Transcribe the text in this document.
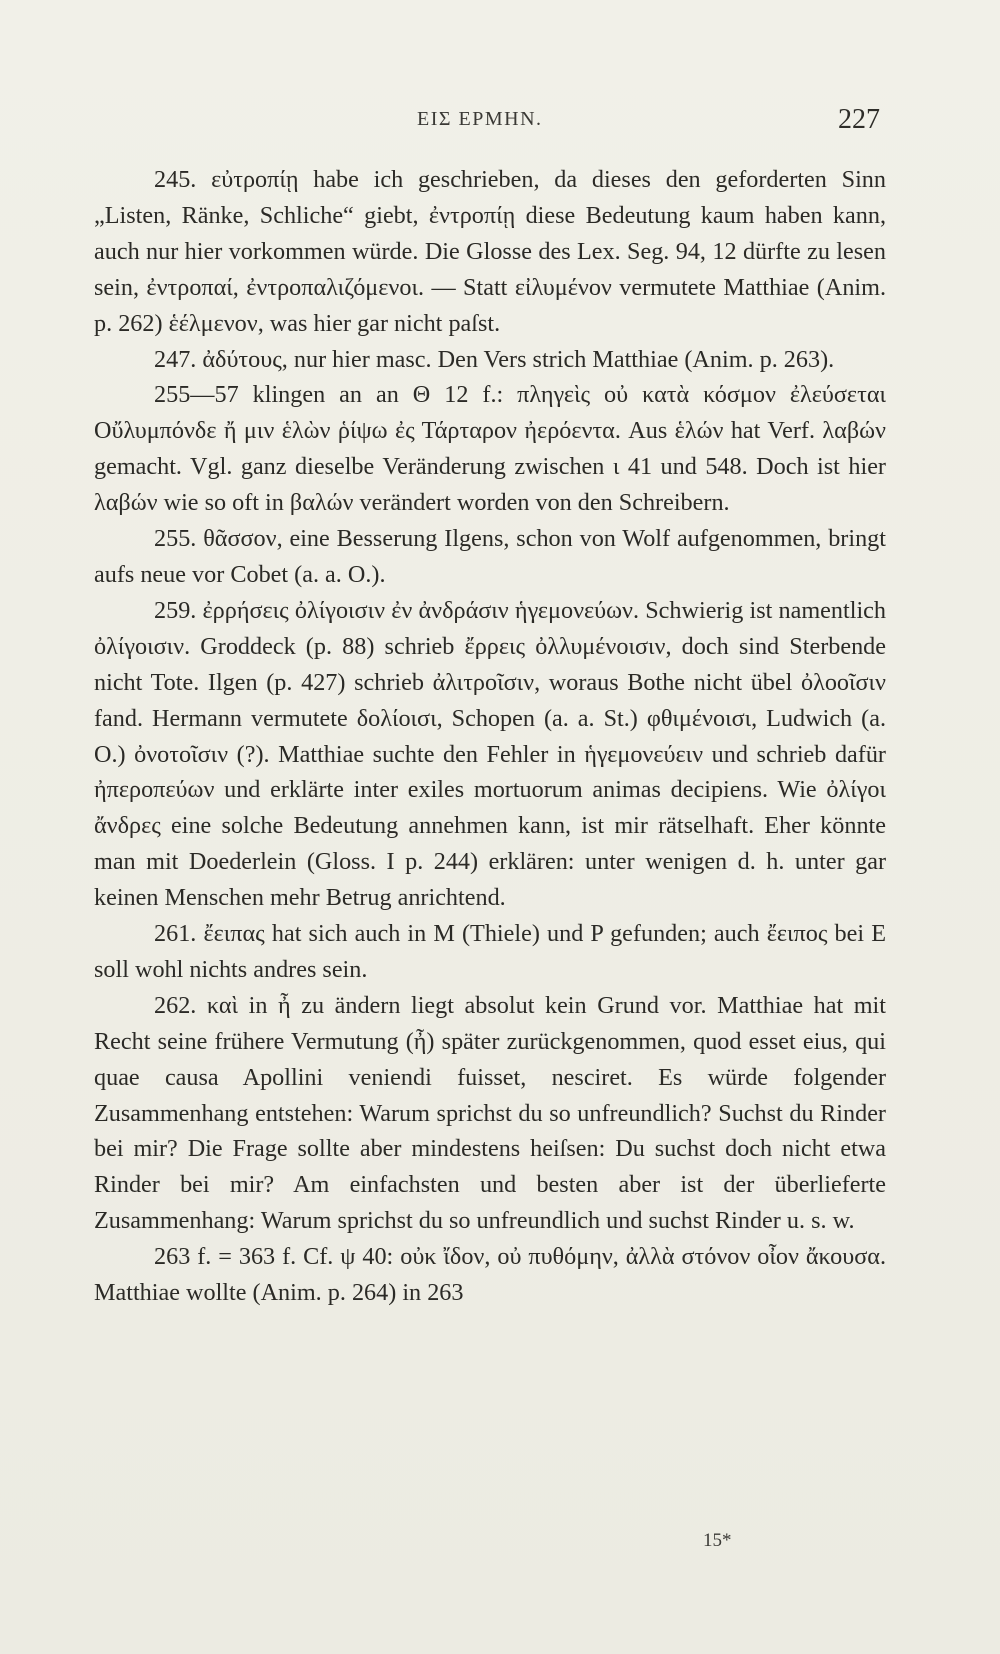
ΕΙΣ ΕΡΜΗΝ.	227

245. εὐτροπίῃ habe ich geschrieben, da dieses den geforderten Sinn „Listen, Ränke, Schliche“ giebt, ἐντροπίῃ diese Bedeutung kaum haben kann, auch nur hier vorkommen würde. Die Glosse des Lex. Seg. 94, 12 dürfte zu lesen sein, ἐντροπαί, ἐντροπαλιζόμενοι. — Statt εἰλυμένον vermutete Matthiae (Anim. p. 262) ἑέλμενον, was hier gar nicht paſst.

247. ἀδύτους, nur hier masc. Den Vers strich Matthiae (Anim. p. 263).

255—57 klingen an an Θ 12 f.: πληγεὶς οὐ κατὰ κόσμον ἐλεύσεται Οὔλυμπόνδε ἤ μιν ἑλὼν ῥίψω ἐς Τάρταρον ἠερόεντα. Aus ἑλών hat Verf. λαβών gemacht. Vgl. ganz dieselbe Veränderung zwischen ι 41 und 548. Doch ist hier λαβών wie so oft in βαλών verändert worden von den Schreibern.

255. θᾶσσον, eine Besserung Ilgens, schon von Wolf aufgenommen, bringt aufs neue vor Cobet (a. a. O.).

259. ἐρρήσεις ὀλίγοισιν ἐν ἀνδράσιν ἡγεμονεύων. Schwierig ist namentlich ὀλίγοισιν. Groddeck (p. 88) schrieb ἔρρεις ὀλλυμένοισιν, doch sind Sterbende nicht Tote. Ilgen (p. 427) schrieb ἀλιτροῖσιν, woraus Bothe nicht übel ὀλοοῖσιν fand. Hermann vermutete δολίοισι, Schopen (a. a. St.) φθιμένοισι, Ludwich (a. O.) ὀνοτοῖσιν (?). Matthiae suchte den Fehler in ἡγεμονεύειν und schrieb dafür ἠπεροπεύων und erklärte inter exiles mortuorum animas decipiens. Wie ὀλίγοι ἄνδρες eine solche Bedeutung annehmen kann, ist mir rätselhaft. Eher könnte man mit Doederlein (Gloss. I p. 244) erklären: unter wenigen d. h. unter gar keinen Menschen mehr Betrug anrichtend.

261. ἔειπας hat sich auch in M (Thiele) und P gefunden; auch ἔειπος bei E soll wohl nichts andres sein.

262. καὶ in ἦ zu ändern liegt absolut kein Grund vor. Matthiae hat mit Recht seine frühere Vermutung (ἦ) später zurückgenommen, quod esset eius, qui quae causa Apollini veniendi fuisset, nesciret. Es würde folgender Zusammenhang entstehen: Warum sprichst du so unfreundlich? Suchst du Rinder bei mir? Die Frage sollte aber mindestens heiſsen: Du suchst doch nicht etwa Rinder bei mir? Am einfachsten und besten aber ist der überlieferte Zusammenhang: Warum sprichst du so unfreundlich und suchst Rinder u. s. w.

263 f. = 363 f. Cf. ψ 40: οὐκ ἴδον, οὐ πυθόμην, ἀλλὰ στόνον οἶον ἄκουσα. Matthiae wollte (Anim. p. 264) in 263

15*
